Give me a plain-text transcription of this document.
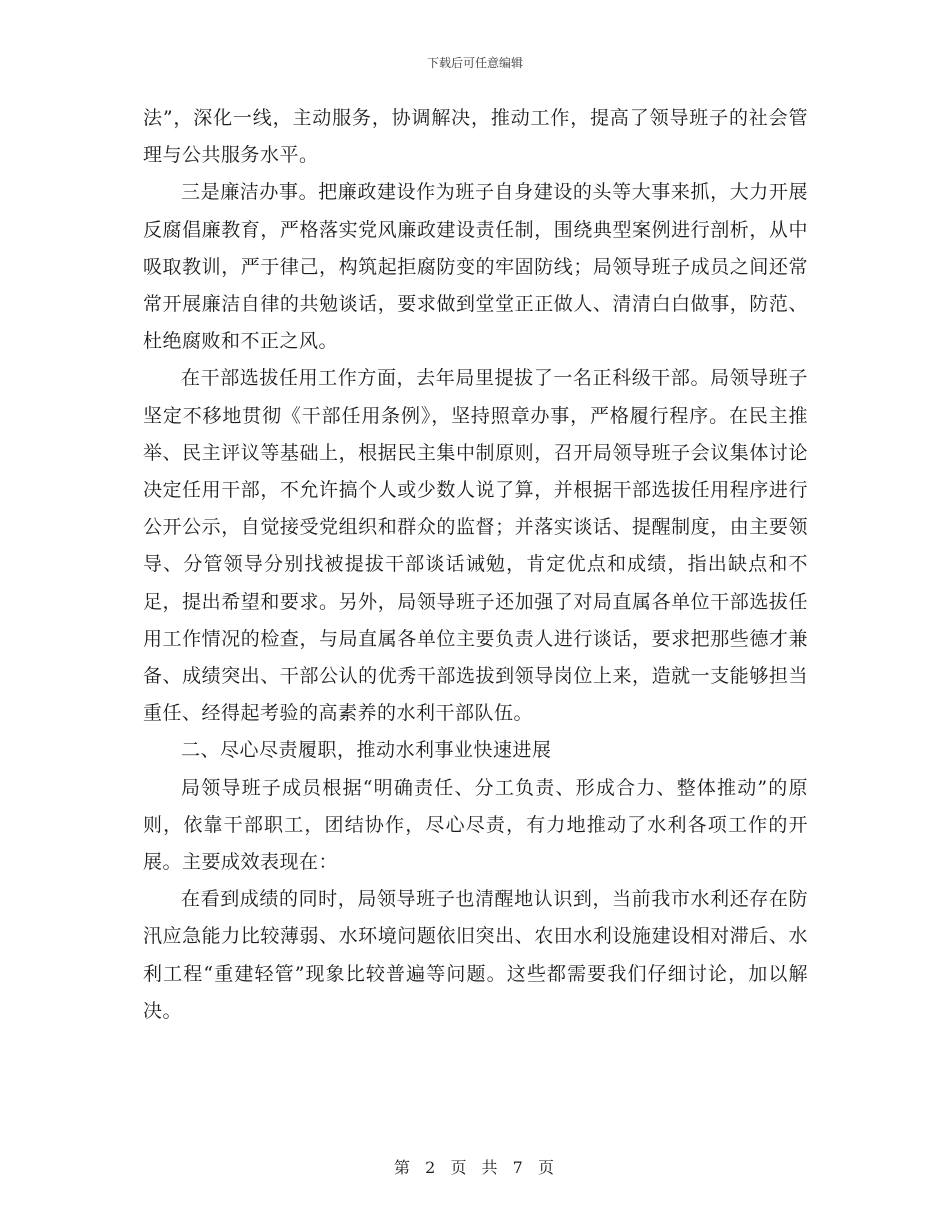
下载后可任意编辑

法”，深化一线，主动服务，协调解决，推动工作，提高了领导班子的社会管理与公共服务水平。

三是廉洁办事。把廉政建设作为班子自身建设的头等大事来抓，大力开展反腐倡廉教育，严格落实党风廉政建设责任制，围绕典型案例进行剖析，从中吸取教训，严于律己，构筑起拒腐防变的牢固防线；局领导班子成员之间还常常开展廉洁自律的共勉谈话，要求做到堂堂正正做人、清清白白做事，防范、杜绝腐败和不正之风。

在干部选拔任用工作方面，去年局里提拔了一名正科级干部。局领导班子坚定不移地贯彻《干部任用条例》，坚持照章办事，严格履行程序。在民主推举、民主评议等基础上，根据民主集中制原则，召开局领导班子会议集体讨论决定任用干部，不允许搞个人或少数人说了算，并根据干部选拔任用程序进行公开公示，自觉接受党组织和群众的监督；并落实谈话、提醒制度，由主要领导、分管领导分别找被提拔干部谈话诫勉，肯定优点和成绩，指出缺点和不足，提出希望和要求。另外，局领导班子还加强了对局直属各单位干部选拔任用工作情况的检查，与局直属各单位主要负责人进行谈话，要求把那些德才兼备、成绩突出、干部公认的优秀干部选拔到领导岗位上来，造就一支能够担当重任、经得起考验的高素养的水利干部队伍。

二、尽心尽责履职，推动水利事业快速进展

局领导班子成员根据“明确责任、分工负责、形成合力、整体推动”的原则，依靠干部职工，团结协作，尽心尽责，有力地推动了水利各项工作的开展。主要成效表现在：

在看到成绩的同时，局领导班子也清醒地认识到，当前我市水利还存在防汛应急能力比较薄弱、水环境问题依旧突出、农田水利设施建设相对滞后、水利工程“重建轻管”现象比较普遍等问题。这些都需要我们仔细讨论，加以解决。

第 2 页 共 7 页
